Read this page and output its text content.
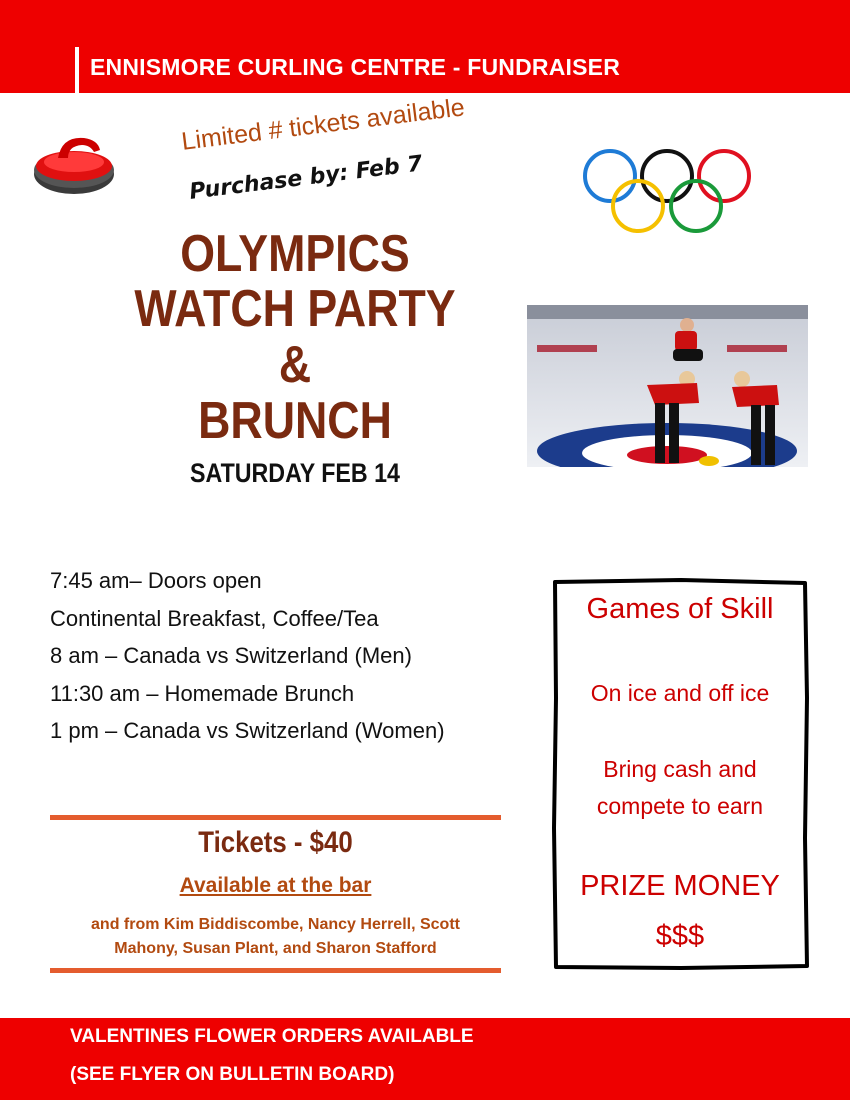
ENNISMORE CURLING CENTRE - FUNDRAISER
Limited # tickets available
Purchase by: Feb 7
OLYMPICS
WATCH PARTY
&
BRUNCH
SATURDAY FEB 14
7:45 am– Doors open
Continental Breakfast, Coffee/Tea
8 am – Canada vs Switzerland (Men)
11:30 am – Homemade Brunch
1 pm – Canada vs Switzerland (Women)
Tickets - $40
Available at the bar
and from Kim Biddiscombe, Nancy Herrell, Scott
Mahony, Susan Plant, and Sharon Stafford
Games of Skill
On ice and off ice
Bring cash and
compete to earn
PRIZE MONEY
$$$
VALENTINES FLOWER ORDERS AVAILABLE
(SEE FLYER ON BULLETIN BOARD)
